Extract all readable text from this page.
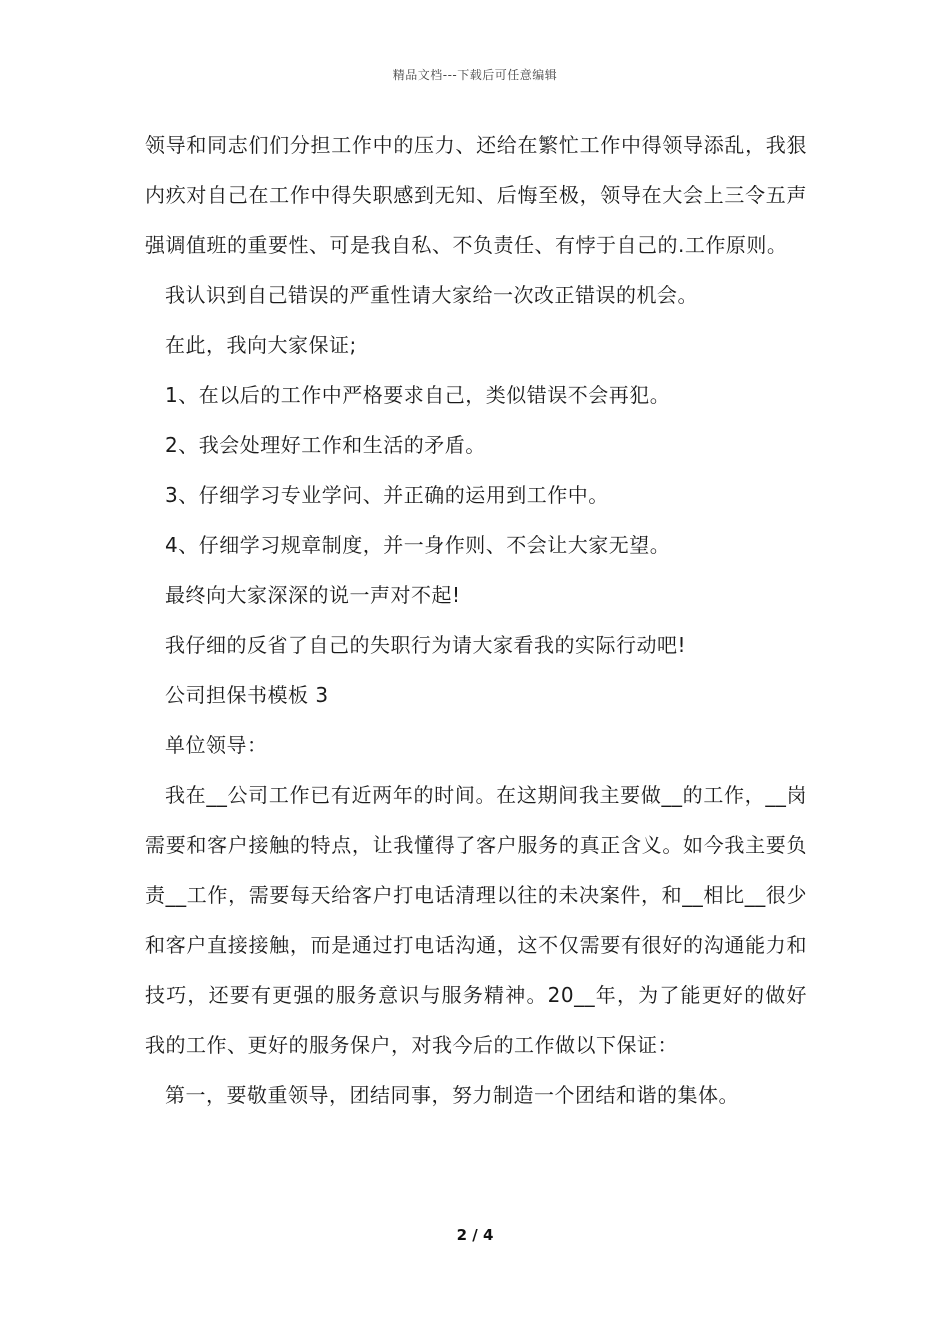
精品文档---下载后可任意编辑

领导和同志们们分担工作中的压力、还给在繁忙工作中得领导添乱，我狠内疚对自己在工作中得失职感到无知、后悔至极，领导在大会上三令五声强调值班的重要性、可是我自私、不负责任、有悖于自己的.工作原则。

我认识到自己错误的严重性请大家给一次改正错误的机会。

在此，我向大家保证;

1、在以后的工作中严格要求自己，类似错误不会再犯。

2、我会处理好工作和生活的矛盾。

3、仔细学习专业学问、并正确的运用到工作中。

4、仔细学习规章制度，并一身作则、不会让大家无望。

最终向大家深深的说一声对不起!

我仔细的反省了自己的失职行为请大家看我的实际行动吧!

公司担保书模板 3

单位领导：

我在__公司工作已有近两年的时间。在这期间我主要做__的工作，__岗需要和客户接触的特点，让我懂得了客户服务的真正含义。如今我主要负责__工作，需要每天给客户打电话清理以往的未决案件，和__相比__很少和客户直接接触，而是通过打电话沟通，这不仅需要有很好的沟通能力和技巧，还要有更强的服务意识与服务精神。20__年，为了能更好的做好我的工作、更好的服务保户，对我今后的工作做以下保证：

第一，要敬重领导，团结同事，努力制造一个团结和谐的集体。

2 / 4
